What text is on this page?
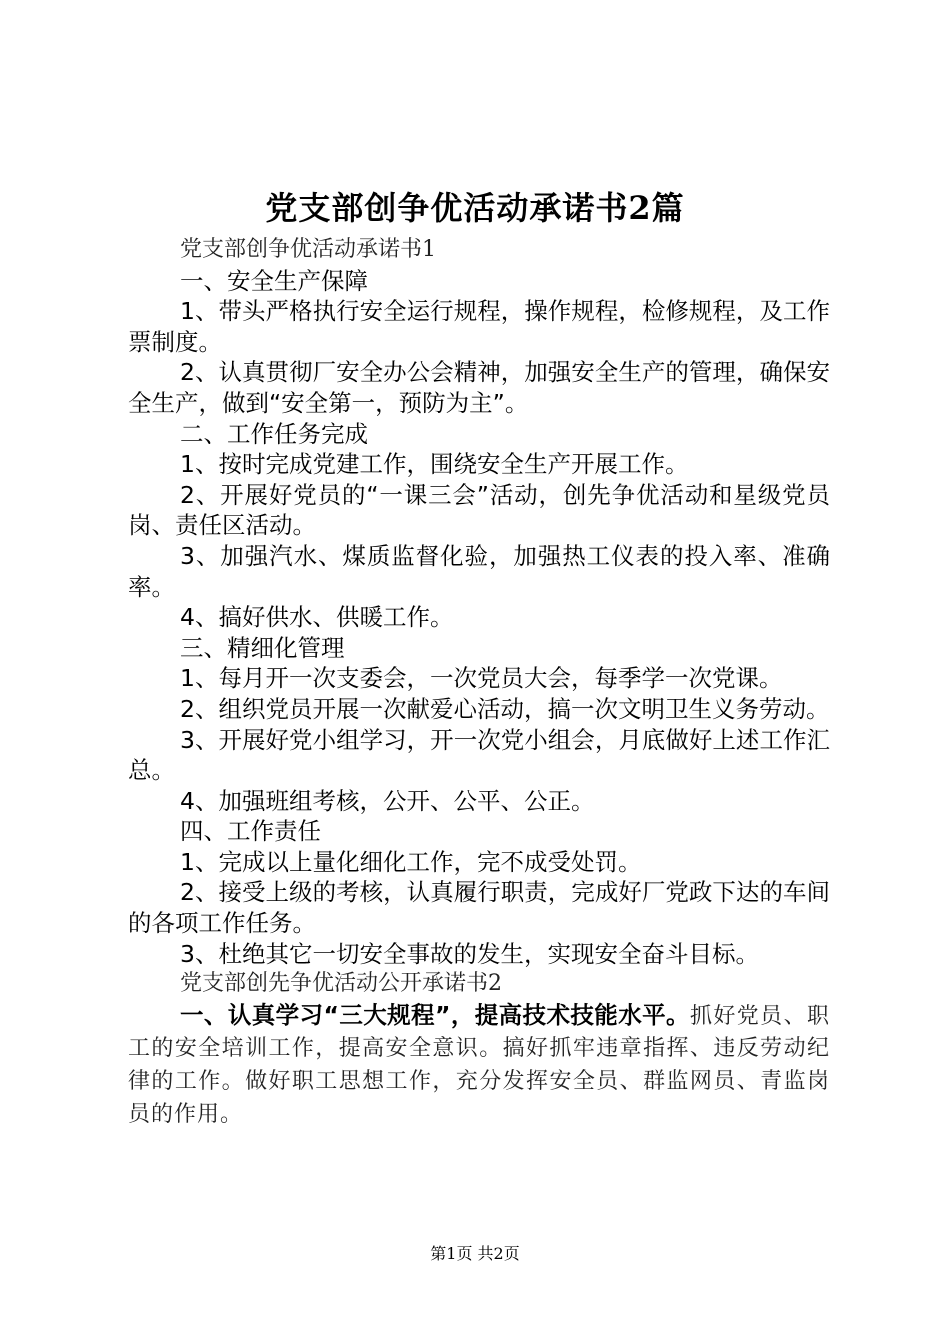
党支部创争优活动承诺书2篇

党支部创争优活动承诺书1

一、安全生产保障

1、带头严格执行安全运行规程，操作规程，检修规程，及工作票制度。

2、认真贯彻厂安全办公会精神，加强安全生产的管理，确保安全生产，做到“安全第一，预防为主”。

二、工作任务完成

1、按时完成党建工作，围绕安全生产开展工作。

2、开展好党员的“一课三会”活动，创先争优活动和星级党员岗、责任区活动。

3、加强汽水、煤质监督化验，加强热工仪表的投入率、准确率。

4、搞好供水、供暖工作。

三、精细化管理

1、每月开一次支委会，一次党员大会，每季学一次党课。

2、组织党员开展一次献爱心活动，搞一次文明卫生义务劳动。

3、开展好党小组学习，开一次党小组会，月底做好上述工作汇总。

4、加强班组考核，公开、公平、公正。

四、工作责任

1、完成以上量化细化工作，完不成受处罚。

2、接受上级的考核，认真履行职责，完成好厂党政下达的车间的各项工作任务。

3、杜绝其它一切安全事故的发生，实现安全奋斗目标。

党支部创先争优活动公开承诺书2

一、认真学习“三大规程”，提高技术技能水平。抓好党员、职工的安全培训工作，提高安全意识。搞好抓牢违章指挥、违反劳动纪律的工作。做好职工思想工作，充分发挥安全员、群监网员、青监岗员的作用。

第1页 共2页
